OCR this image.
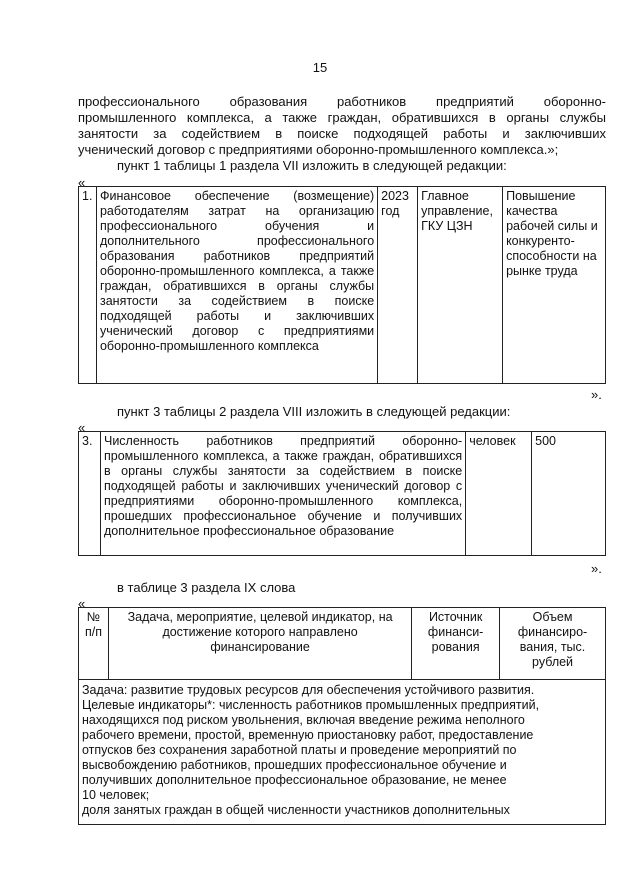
15
профессионального образования работников предприятий оборонно-
промышленного комплекса, а также граждан, обратившихся в органы службы
занятости за содействием в поиске подходящей работы и заключивших
ученический договор с предприятиями оборонно-промышленного комплекса.»;
пункт 1 таблицы 1 раздела VII изложить в следующей редакции:
«
1.	Финансовое обеспечение (возмещение) работодателям затрат на организацию профессионального обучения и дополнительного профессионального образования работников предприятий оборонно-промышленного комплекса, а также граждан, обратившихся в органы службы занятости за содействием в поиске подходящей работы и заключивших ученический договор с предприятиями оборонно-промышленного комплекса	2023 год	Главное управление, ГКУ ЦЗН	Повышение качества рабочей силы и конкуренто-способности на рынке труда
».
пункт 3 таблицы 2 раздела VIII изложить в следующей редакции:
«
3.	Численность работников предприятий оборонно-промышленного комплекса, а также граждан, обратившихся в органы службы занятости за содействием в поиске подходящей работы и заключивших ученический договор с предприятиями оборонно-промышленного комплекса, прошедших профессиональное обучение и получивших дополнительное профессиональное образование	человек	500
».
в таблице 3 раздела IX слова
«
№ п/п	Задача, мероприятие, целевой индикатор, на достижение которого направлено финансирование	Источник финанси-рования	Объем финансиро-вания, тыс. рублей

Задача: развитие трудовых ресурсов для обеспечения устойчивого развития.
Целевые индикаторы*: численность работников промышленных предприятий,
находящихся под риском увольнения, включая введение режима неполного
рабочего времени, простой, временную приостановку работ, предоставление
отпусков без сохранения заработной платы и проведение мероприятий по
высвобождению работников, прошедших профессиональное обучение и
получивших дополнительное профессиональное образование, не менее
10 человек;
доля занятых граждан в общей численности участников дополнительных
